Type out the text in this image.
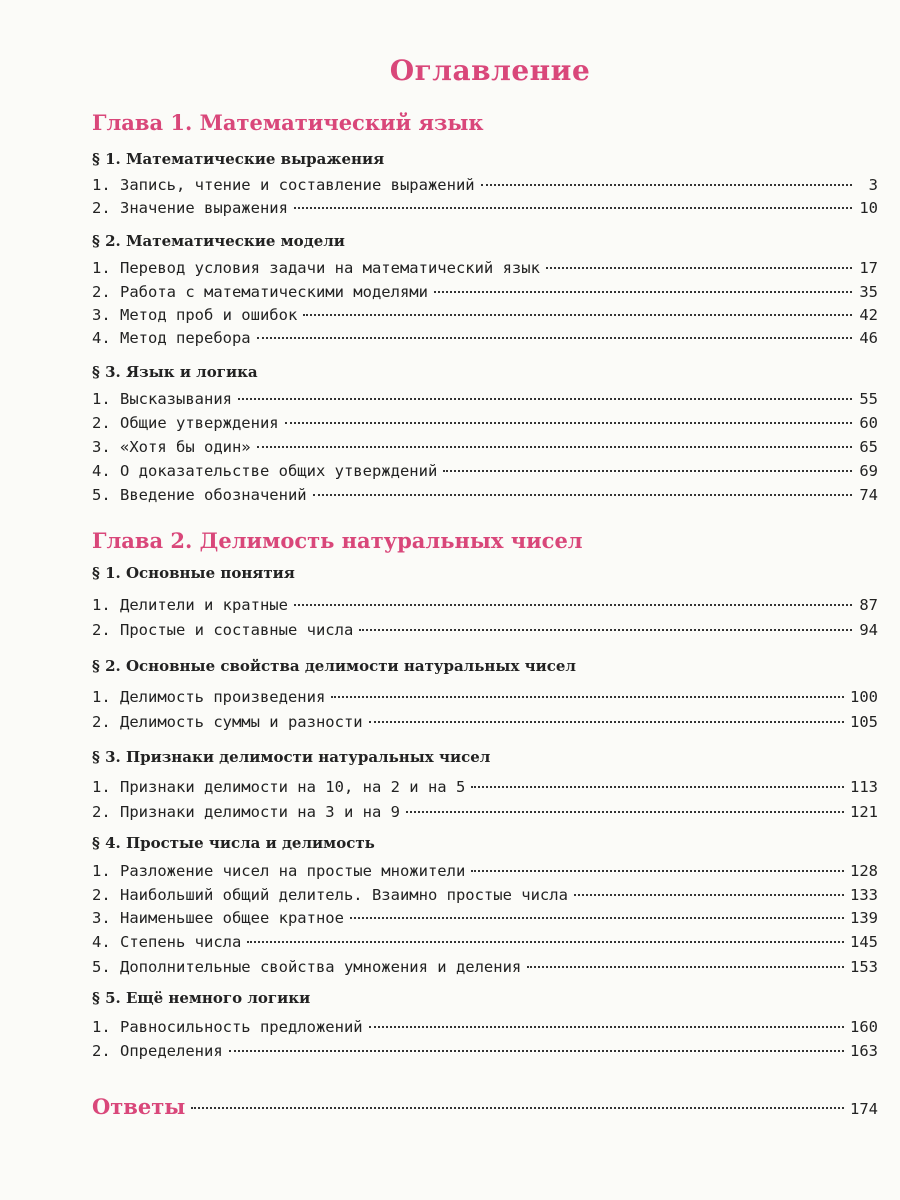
Оглавление
Глава 1. Математический язык
§ 1. Математические выражения
1. Запись, чтение и составление выражений	3
2. Значение выражения	10
§ 2. Математические модели
1. Перевод условия задачи на математический язык	17
2. Работа с математическими моделями	35
3. Метод проб и ошибок	42
4. Метод перебора	46
§ 3. Язык и логика
1. Высказывания	55
2. Общие утверждения	60
3. «Хотя бы один»	65
4. О доказательстве общих утверждений	69
5. Введение обозначений	74
Глава 2. Делимость натуральных чисел
§ 1. Основные понятия
1. Делители и кратные	87
2. Простые и составные числа	94
§ 2. Основные свойства делимости натуральных чисел
1. Делимость произведения	100
2. Делимость суммы и разности	105
§ 3. Признаки делимости натуральных чисел
1. Признаки делимости на 10, на 2 и на 5	113
2. Признаки делимости на 3 и на 9	121
§ 4. Простые числа и делимость
1. Разложение чисел на простые множители	128
2. Наибольший общий делитель. Взаимно простые числа	133
3. Наименьшее общее кратное	139
4. Степень числа	145
5. Дополнительные свойства умножения и деления	153
§ 5. Ещё немного логики
1. Равносильность предложений	160
2. Определения	163
Ответы	174
